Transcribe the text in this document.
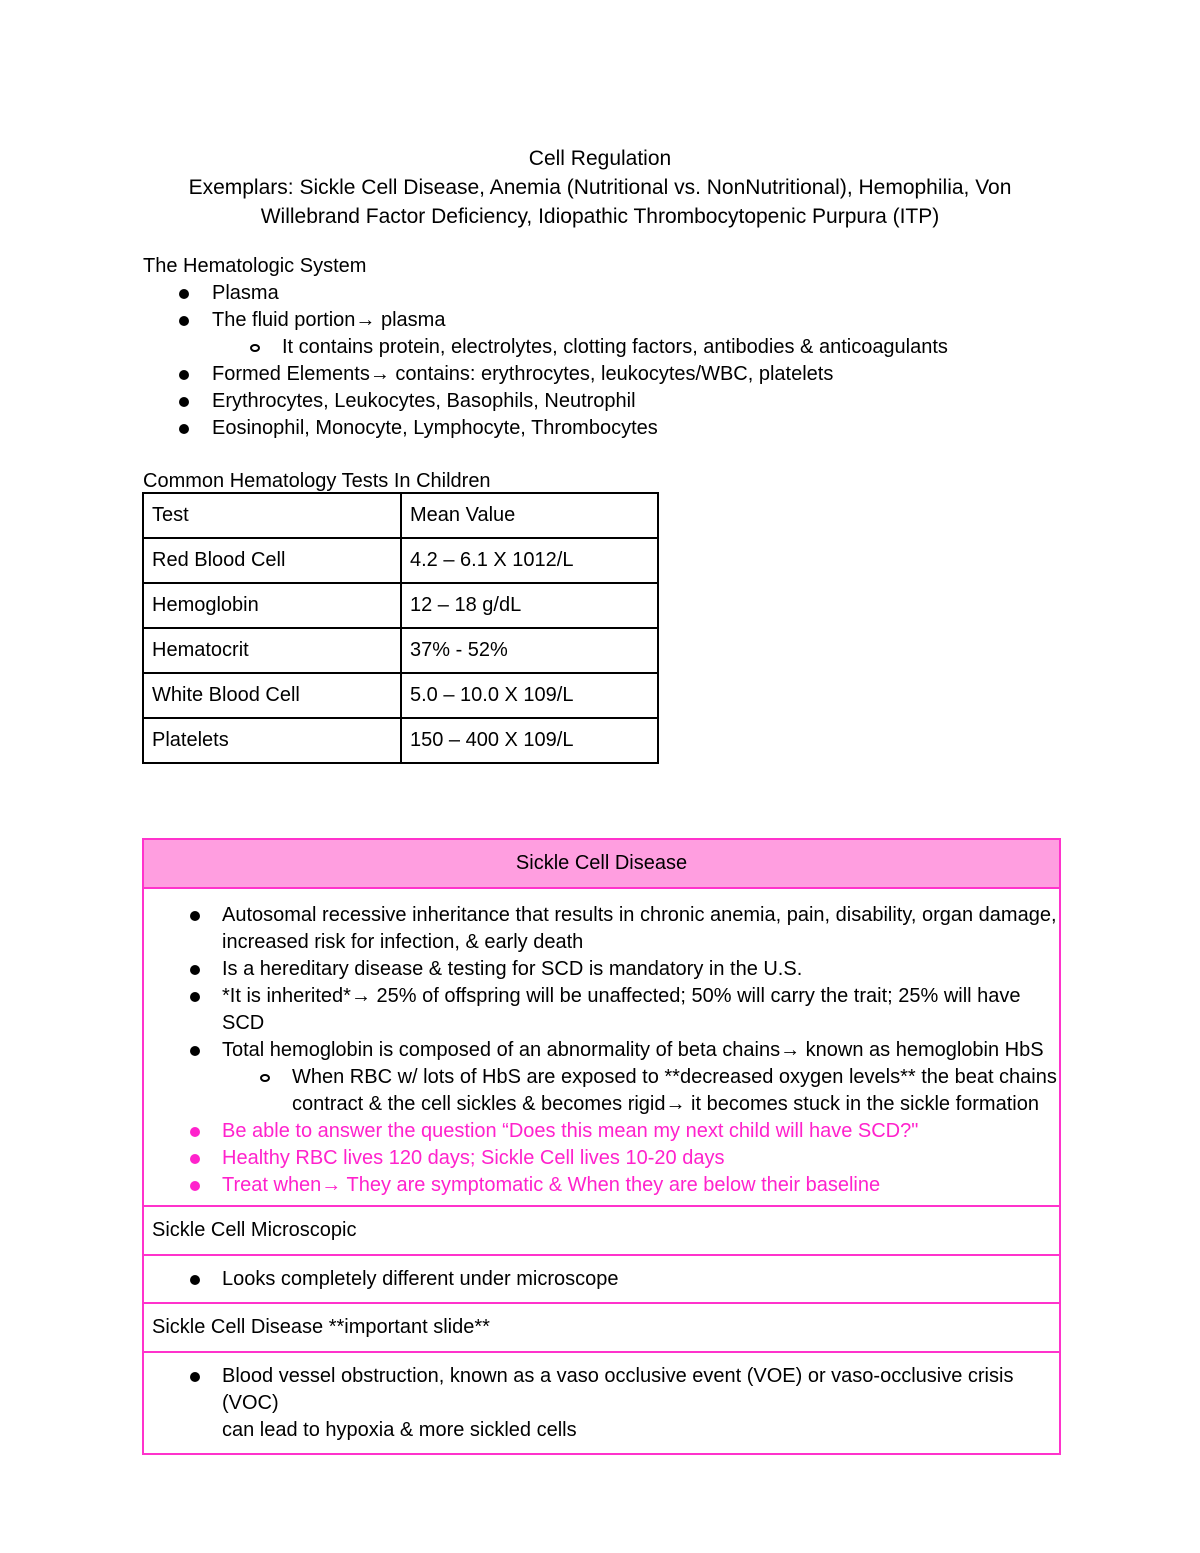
Cell Regulation
Exemplars: Sickle Cell Disease, Anemia (Nutritional vs. NonNutritional), Hemophilia, Von
Willebrand Factor Deficiency, Idiopathic Thrombocytopenic Purpura (ITP)
The Hematologic System
Plasma
The fluid portion→ plasma
It contains protein, electrolytes, clotting factors, antibodies & anticoagulants
Formed Elements→ contains: erythrocytes, leukocytes/WBC, platelets
Erythrocytes, Leukocytes, Basophils, Neutrophil
Eosinophil, Monocyte, Lymphocyte, Thrombocytes
Common Hematology Tests In Children
Test	Mean Value
Red Blood Cell	4.2 – 6.1 X 1012/L
Hemoglobin	12 – 18 g/dL
Hematocrit	37% - 52%
White Blood Cell	5.0 – 10.0 X 109/L
Platelets	150 – 400 X 109/L
Sickle Cell Disease
Autosomal recessive inheritance that results in chronic anemia, pain, disability, organ damage,
increased risk for infection, & early death
Is a hereditary disease & testing for SCD is mandatory in the U.S.
*It is inherited*→ 25% of offspring will be unaffected; 50% will carry the trait; 25% will have SCD
Total hemoglobin is composed of an abnormality of beta chains→ known as hemoglobin HbS
When RBC w/ lots of HbS are exposed to **decreased oxygen levels** the beat chains
contract & the cell sickles & becomes rigid→ it becomes stuck in the sickle formation
Be able to answer the question “Does this mean my next child will have SCD?"
Healthy RBC lives 120 days; Sickle Cell lives 10-20 days
Treat when→ They are symptomatic & When they are below their baseline
Sickle Cell Microscopic
Looks completely different under microscope
Sickle Cell Disease **important slide**
Blood vessel obstruction, known as a vaso occlusive event (VOE) or vaso-occlusive crisis (VOC)
can lead to hypoxia & more sickled cells
